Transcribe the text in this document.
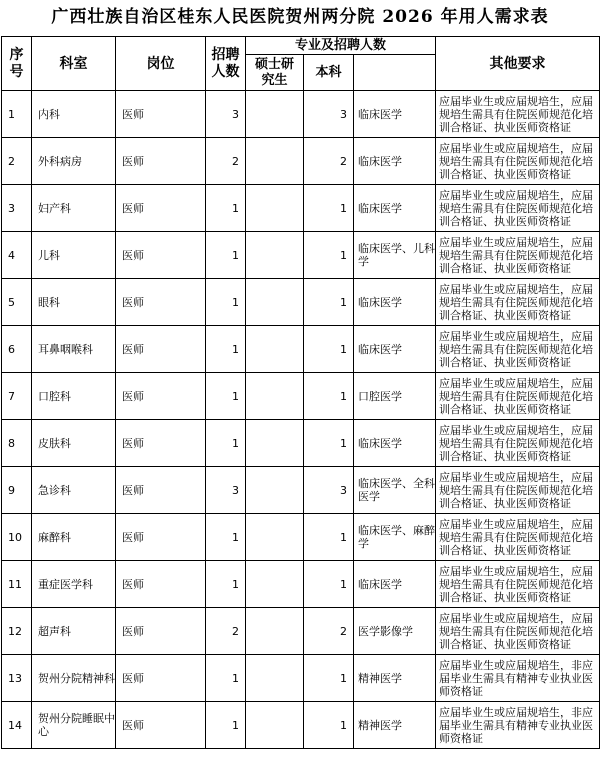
广西壮族自治区桂东人民医院贺州两分院 2026 年用人需求表
序号	科室	岗位	招聘人数	专业及招聘人数			其他要求
				硕士研究生	本科		
1	内科	医师	3		3	临床医学	应届毕业生或应届规培生，应届规培生需具有住院医师规范化培训合格证、执业医师资格证
2	外科病房	医师	2		2	临床医学	应届毕业生或应届规培生，应届规培生需具有住院医师规范化培训合格证、执业医师资格证
3	妇产科	医师	1		1	临床医学	应届毕业生或应届规培生，应届规培生需具有住院医师规范化培训合格证、执业医师资格证
4	儿科	医师	1		1	临床医学、儿科学	应届毕业生或应届规培生，应届规培生需具有住院医师规范化培训合格证、执业医师资格证
5	眼科	医师	1		1	临床医学	应届毕业生或应届规培生，应届规培生需具有住院医师规范化培训合格证、执业医师资格证
6	耳鼻咽喉科	医师	1		1	临床医学	应届毕业生或应届规培生，应届规培生需具有住院医师规范化培训合格证、执业医师资格证
7	口腔科	医师	1		1	口腔医学	应届毕业生或应届规培生，应届规培生需具有住院医师规范化培训合格证、执业医师资格证
8	皮肤科	医师	1		1	临床医学	应届毕业生或应届规培生，应届规培生需具有住院医师规范化培训合格证、执业医师资格证
9	急诊科	医师	3		3	临床医学、全科医学	应届毕业生或应届规培生，应届规培生需具有住院医师规范化培训合格证、执业医师资格证
10	麻醉科	医师	1		1	临床医学、麻醉学	应届毕业生或应届规培生，应届规培生需具有住院医师规范化培训合格证、执业医师资格证
11	重症医学科	医师	1		1	临床医学	应届毕业生或应届规培生，应届规培生需具有住院医师规范化培训合格证、执业医师资格证
12	超声科	医师	2		2	医学影像学	应届毕业生或应届规培生，应届规培生需具有住院医师规范化培训合格证、执业医师资格证
13	贺州分院精神科	医师	1		1	精神医学	应届毕业生或应届规培生，非应届毕业生需具有精神专业执业医师资格证
14	贺州分院睡眠中心	医师	1		1	精神医学	应届毕业生或应届规培生，非应届毕业生需具有精神专业执业医师资格证
